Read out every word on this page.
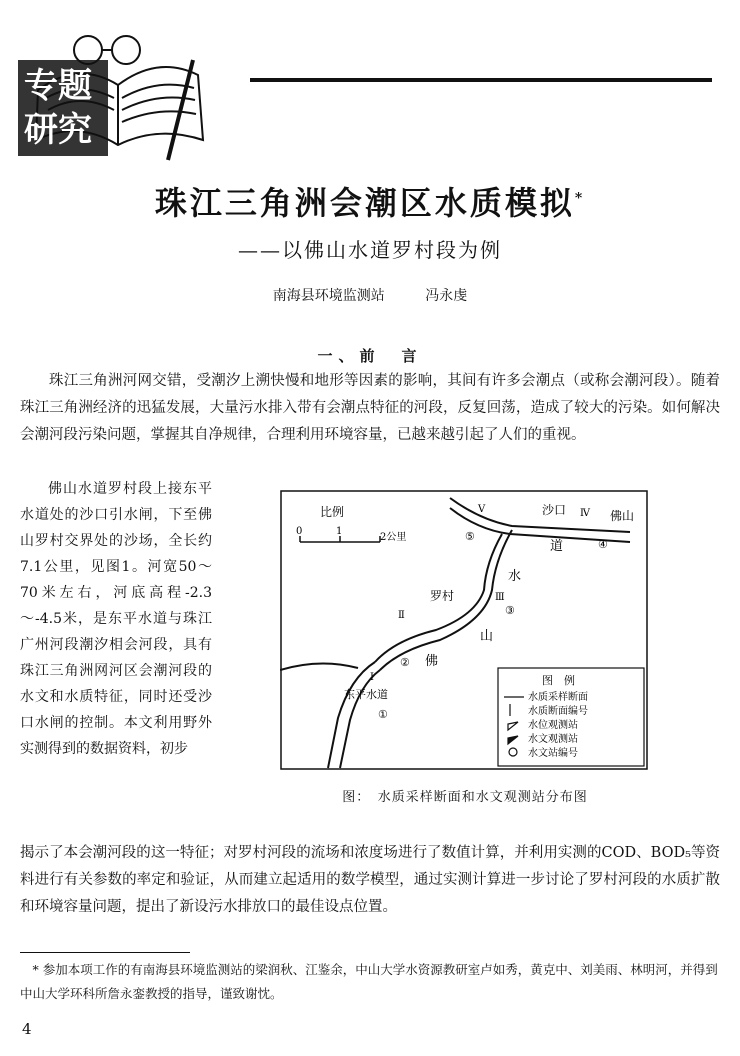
专题
研究
珠江三角洲会潮区水质模拟*
——以佛山水道罗村段为例
南海县环境监测站	冯永虔
一、前　言
珠江三角洲河网交错，受潮汐上溯快慢和地形等因素的影响，其间有许多会潮点（或称会潮河段）。随着珠江三角洲经济的迅猛发展，大量污水排入带有会潮点特征的河段，反复回荡，造成了较大的污染。如何解决会潮河段污染问题，掌握其自净规律，合理利用环境容量，已越来越引起了人们的重视。
佛山水道罗村段上接东平水道处的沙口引水闸，下至佛山罗村交界处的沙场，全长约7.1公里，见图1。河宽50～70米左右，河底高程-2.3～-4.5米，是东平水道与珠江广州河段潮汐相会河段，具有珠江三角洲网河区会潮河段的水文和水质特征，同时还受沙口水闸的控制。本文利用野外实测得到的数据资料，初步
揭示了本会潮河段的这一特征；对罗村河段的流场和浓度场进行了数值计算，并利用实测的COD、BOD₅等资料进行有关参数的率定和验证，从而建立起适用的数学模型，通过实测计算进一步讨论了罗村河段的水质扩散和环境容量问题，提出了新设污水排放口的最佳设点位置。
比例
0	1
2公里
沙口	佛山
罗村
东平水道
道
水
山
佛
Ⅴ	Ⅳ
Ⅲ
Ⅱ
Ⅰ
⑤
④
③
②
①
图　例
水质采样断面
水质断面编号
水位观测站
水文观测站
水文站编号
图：　水质采样断面和水文观测站分布图
* 参加本项工作的有南海县环境监测站的梁润秋、江鉴余，中山大学水资源教研室卢如秀，黄克中、刘美雨、林明河，并得到中山大学环科所詹永銮教授的指导，谨致谢忱。
4
